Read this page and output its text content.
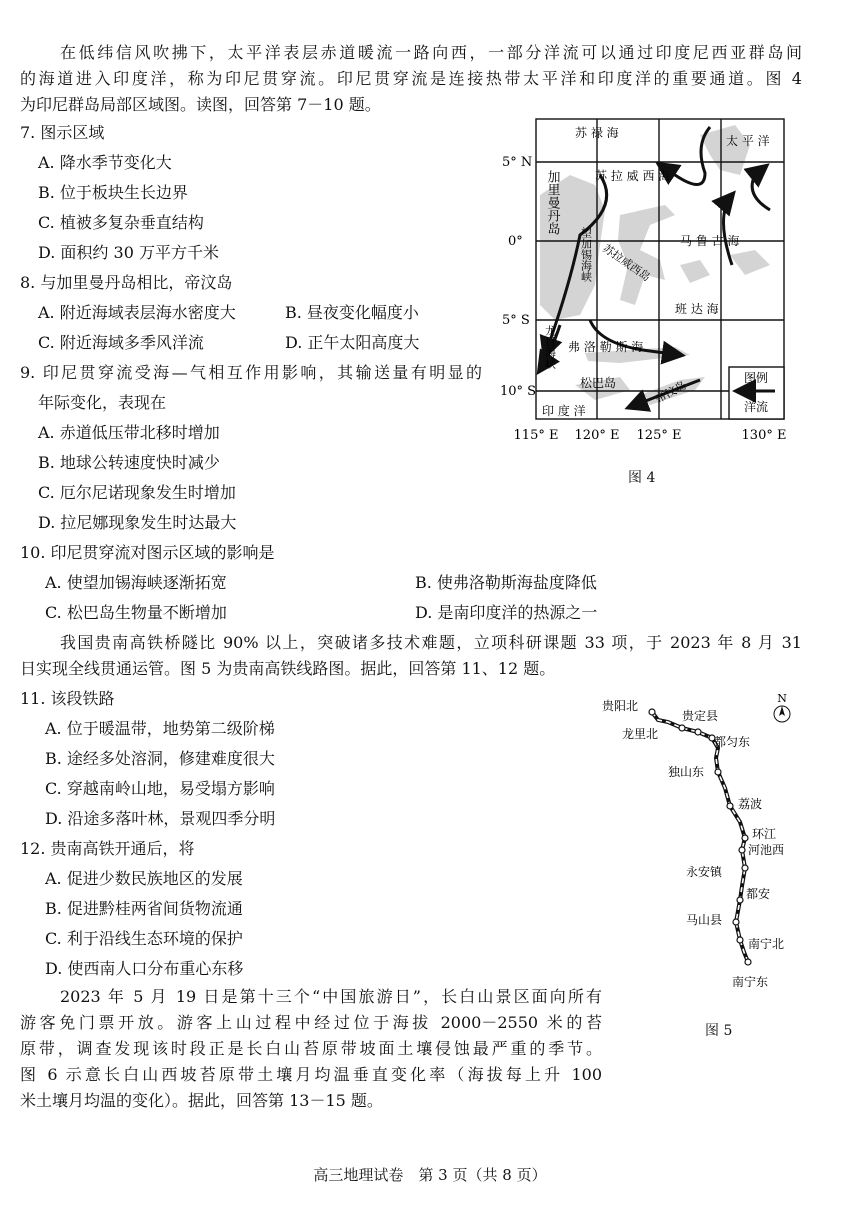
在低纬信风吹拂下，太平洋表层赤道暖流一路向西，一部分洋流可以通过印度尼西亚群岛间
的海道进入印度洋，称为印尼贯穿流。印尼贯穿流是连接热带太平洋和印度洋的重要通道。图 4
为印尼群岛局部区域图。读图，回答第 7－10 题。
7. 图示区域
A. 降水季节变化大
B. 位于板块生长边界
C. 植被多复杂垂直结构
D. 面积约 30 万平方千米
8. 与加里曼丹岛相比，帝汶岛
A. 附近海域表层海水密度大	B. 昼夜变化幅度小
C. 附近海域多季风洋流	D. 正午太阳高度大
9. 印尼贯穿流受海—气相互作用影响，其输送量有明显的
年际变化，表现在
A. 赤道低压带北移时增加
B. 地球公转速度快时减少
C. 厄尔尼诺现象发生时增加
D. 拉尼娜现象发生时达最大
10. 印尼贯穿流对图示区域的影响是
A. 使望加锡海峡逐渐拓宽	B. 使弗洛勒斯海盐度降低
C. 松巴岛生物量不断增加	D. 是南印度洋的热源之一
我国贵南高铁桥隧比 90% 以上，突破诸多技术难题，立项科研课题 33 项，于 2023 年 8 月 31
日实现全线贯通运管。图 5 为贵南高铁线路图。据此，回答第 11、12 题。
11. 该段铁路
A. 位于暖温带，地势第二级阶梯
B. 途经多处溶洞，修建难度很大
C. 穿越南岭山地，易受塌方影响
D. 沿途多落叶林，景观四季分明
12. 贵南高铁开通后，将
A. 促进少数民族地区的发展
B. 促进黔桂两省间货物流通
C. 利于沿线生态环境的保护
D. 使西南人口分布重心东移
2023 年 5 月 19 日是第十三个“中国旅游日”，长白山景区面向所有
游客免门票开放。游客上山过程中经过位于海拔 2000－2550 米的苔
原带，调查发现该时段正是长白山苔原带坡面土壤侵蚀最严重的季节。
图 6 示意长白山西坡苔原带土壤月均温垂直变化率（海拔每上升 100
米土壤月均温的变化）。据此，回答第 13－15 题。
图例
洋流
5° N
0°
5° S
10° S
115° E 120° E 125° E	130° E
苏 禄 海
太 平 洋
苏 拉 威 西 海
马 鲁 古 海
班 达 海
弗 洛 勒 斯 海
松巴岛
印 度 洋
加里曼丹岛
望加锡海峡 苏拉威西岛
龙目海峡
帝汶岛
图 4
N
贵阳北
贵定县
龙里北
都匀东
独山东
荔波
环江
河池西
永安镇
都安
马山县
南宁北
南宁东
图 5
高三地理试卷　第 3 页（共 8 页）
